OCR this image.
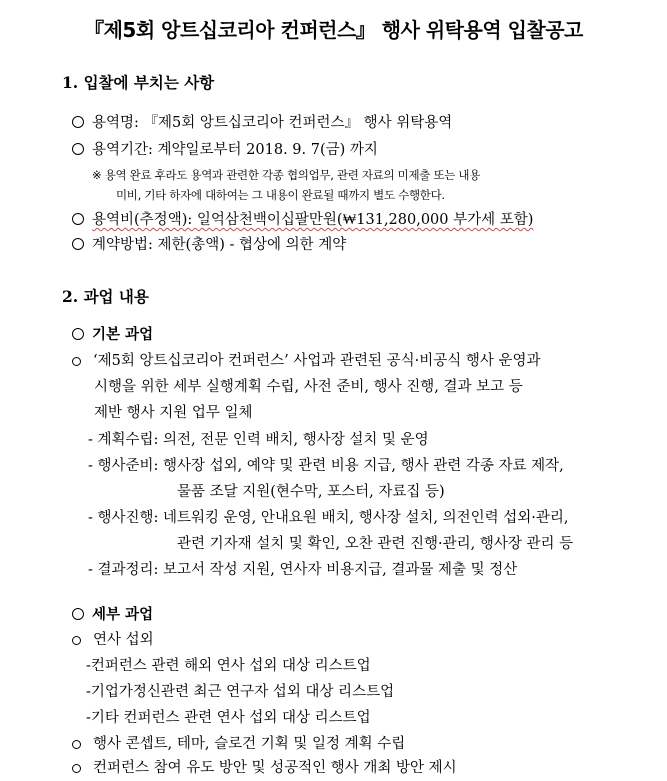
『제5회 앙트십코리아 컨퍼런스』 행사 위탁용역 입찰공고
1. 입찰에 부치는 사항
용역명: 『제5회 앙트십코리아 컨퍼런스』 행사 위탁용역
용역기간: 계약일로부터 2018. 9. 7(금) 까지
※ 용역 완료 후라도 용역과 관련한 각종 협의업무, 관련 자료의 미제출 또는 내용
미비, 기타 하자에 대하여는 그 내용이 완료될 때까지 별도 수행한다.
용역비(추정액): 일억삼천백이십팔만원(₩131,280,000 부가세 포함)
계약방법: 제한(총액) - 협상에 의한 계약
2. 과업 내용
기본 과업
‘제5회 앙트십코리아 컨퍼런스’ 사업과 관련된 공식·비공식 행사 운영과
시행을 위한 세부 실행계획 수립, 사전 준비, 행사 진행, 결과 보고 등
제반 행사 지원 업무 일체
- 계획수립: 의전, 전문 인력 배치, 행사장 설치 및 운영
- 행사준비: 행사장 섭외, 예약 및 관련 비용 지급, 행사 관련 각종 자료 제작,
물품 조달 지원(현수막, 포스터, 자료집 등)
- 행사진행: 네트워킹 운영, 안내요원 배치, 행사장 설치, 의전인력 섭외·관리,
관련 기자재 설치 및 확인, 오찬 관련 진행·관리, 행사장 관리 등
- 결과정리: 보고서 작성 지원, 연사자 비용지급, 결과물 제출 및 정산
세부 과업
연사 섭외
-컨퍼런스 관련 해외 연사 섭외 대상 리스트업
-기업가정신관련 최근 연구자 섭외 대상 리스트업
-기타 컨퍼런스 관련 연사 섭외 대상 리스트업
행사 콘셉트, 테마, 슬로건 기획 및 일정 계획 수립
컨퍼런스 참여 유도 방안 및 성공적인 행사 개최 방안 제시
